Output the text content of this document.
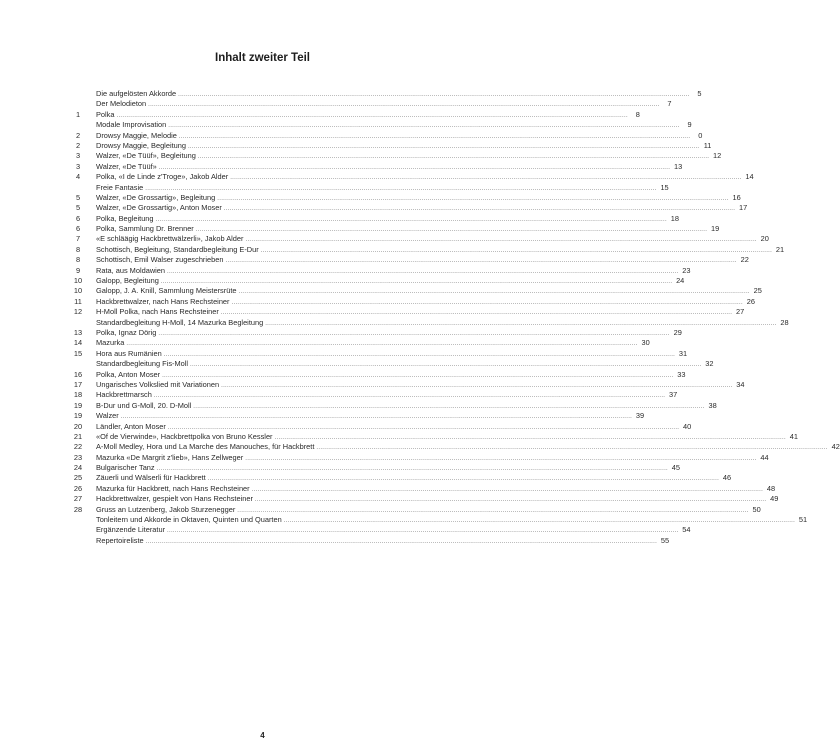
Inhalt zweiter Teil
Die aufgelösten Akkorde ....................................................................................................................................................................................................................................................................	5
Der Melodieton ....................................................................................................................................................................................................................................................................	7
1	Polka ....................................................................................................................................................................................................................................................................	8
Modale Improvisation ....................................................................................................................................................................................................................................................................	9
2	Drowsy Maggie, Melodie ....................................................................................................................................................................................................................................................................	0
2	Drowsy Maggie, Begleitung .................................................................................................................................................................................................................................................................... 11
3	Walzer, «De Tüüf», Begleitung .................................................................................................................................................................................................................................................................... 12
3	Walzer, «De Tüüf» .................................................................................................................................................................................................................................................................... 13
4	Polka, «I de Linde z'Troge», Jakob Alder .................................................................................................................................................................................................................................................................... 14
Freie Fantasie .................................................................................................................................................................................................................................................................... 15
5	Walzer, «De Grossartig», Begleitung .................................................................................................................................................................................................................................................................... 16
5	Walzer, «De Grossartig», Anton Moser .................................................................................................................................................................................................................................................................... 17
6	Polka, Begleitung .................................................................................................................................................................................................................................................................... 18
6	Polka, Sammlung Dr. Brenner .................................................................................................................................................................................................................................................................... 19
7	«E schläägig Hackbrettwälzerli», Jakob Alder .................................................................................................................................................................................................................................................................... 20
8	Schottisch, Begleitung, Standardbegleitung E-Dur .................................................................................................................................................................................................................................................................... 21
8	Schottisch, Emil Walser zugeschrieben .................................................................................................................................................................................................................................................................... 22
9	Rata, aus Moldawien .................................................................................................................................................................................................................................................................... 23
10	Galopp, Begleitung .................................................................................................................................................................................................................................................................... 24
10	Galopp, J. A. Knill, Sammlung Meistersrüte .................................................................................................................................................................................................................................................................... 25
11	Hackbrettwalzer, nach Hans Rechsteiner .................................................................................................................................................................................................................................................................... 26
12	H-Moll Polka, nach Hans Rechsteiner .................................................................................................................................................................................................................................................................... 27
Standardbegleitung H-Moll, 14 Mazurka Begleitung .................................................................................................................................................................................................................................................................... 28
13	Polka, Ignaz Dörig .................................................................................................................................................................................................................................................................... 29
14	Mazurka .................................................................................................................................................................................................................................................................... 30
15	Hora aus Rumänien .................................................................................................................................................................................................................................................................... 31
Standardbegleitung Fis-Moll .................................................................................................................................................................................................................................................................... 32
16	Polka, Anton Moser .................................................................................................................................................................................................................................................................... 33
17	Ungarisches Volkslied mit Variationen .................................................................................................................................................................................................................................................................... 34
18	Hackbrettmarsch .................................................................................................................................................................................................................................................................... 37
19	B-Dur und G-Moll, 20. D-Moll .................................................................................................................................................................................................................................................................... 38
19	Walzer .................................................................................................................................................................................................................................................................... 39
20	Ländler, Anton Moser .................................................................................................................................................................................................................................................................... 40
21	«Of de Vierwinde», Hackbrettpolka von Bruno Kessler .................................................................................................................................................................................................................................................................... 41
22	A-Moll Medley, Hora und La Marche des Manouches, für Hackbrett .................................................................................................................................................................................................................................................................... 42
23	Mazurka «De Margrit z'lieb», Hans Zellweger .................................................................................................................................................................................................................................................................... 44
24	Bulgarischer Tanz .................................................................................................................................................................................................................................................................... 45
25	Zäuerli und Wälserli für Hackbrett .................................................................................................................................................................................................................................................................... 46
26	Mazurka für Hackbrett, nach Hans Rechsteiner .................................................................................................................................................................................................................................................................... 48
27	Hackbrettwalzer, gespielt von Hans Rechsteiner .................................................................................................................................................................................................................................................................... 49
28	Gruss an Lutzenberg, Jakob Sturzenegger .................................................................................................................................................................................................................................................................... 50
Tonleitern und Akkorde in Oktaven, Quinten und Quarten .................................................................................................................................................................................................................................................................... 51
Ergänzende Literatur .................................................................................................................................................................................................................................................................... 54
Repertoireliste .................................................................................................................................................................................................................................................................... 55
4
